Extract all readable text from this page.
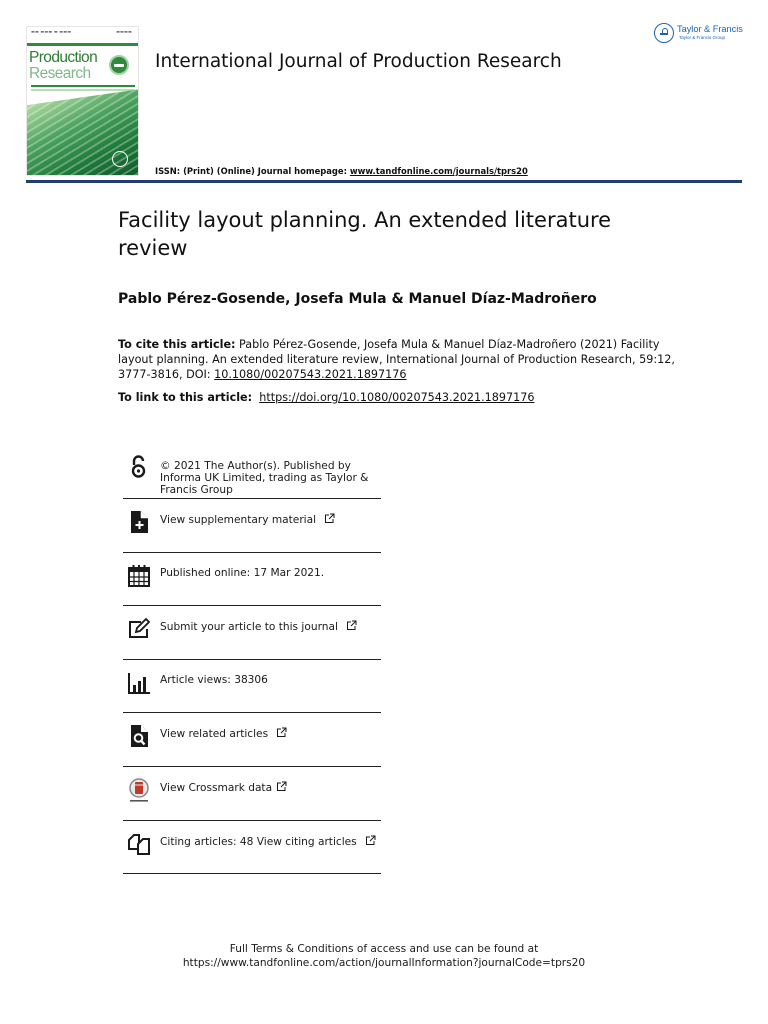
▬▬ ▬▬▬ ▬ ▬▬▬	▬▬▬▬
Production
Research
International Journal of Production Research
ISSN: (Print) (Online) Journal homepage: www.tandfonline.com/journals/tprs20
Taylor & Francis
Taylor & Francis Group
Facility layout planning. An extended literature review
Pablo Pérez-Gosende, Josefa Mula & Manuel Díaz-Madroñero
To cite this article: Pablo Pérez-Gosende, Josefa Mula & Manuel Díaz-Madroñero (2021) Facility layout planning. An extended literature review, International Journal of Production Research, 59:12, 3777-3816, DOI: 10.1080/00207543.2021.1897176
To link to this article: https://doi.org/10.1080/00207543.2021.1897176
© 2021 The Author(s). Published by Informa UK Limited, trading as Taylor & Francis Group
View supplementary material
Published online: 17 Mar 2021.
Submit your article to this journal
Article views: 38306
View related articles
View Crossmark data
Citing articles: 48 View citing articles
Full Terms & Conditions of access and use can be found at
https://www.tandfonline.com/action/journalInformation?journalCode=tprs20
